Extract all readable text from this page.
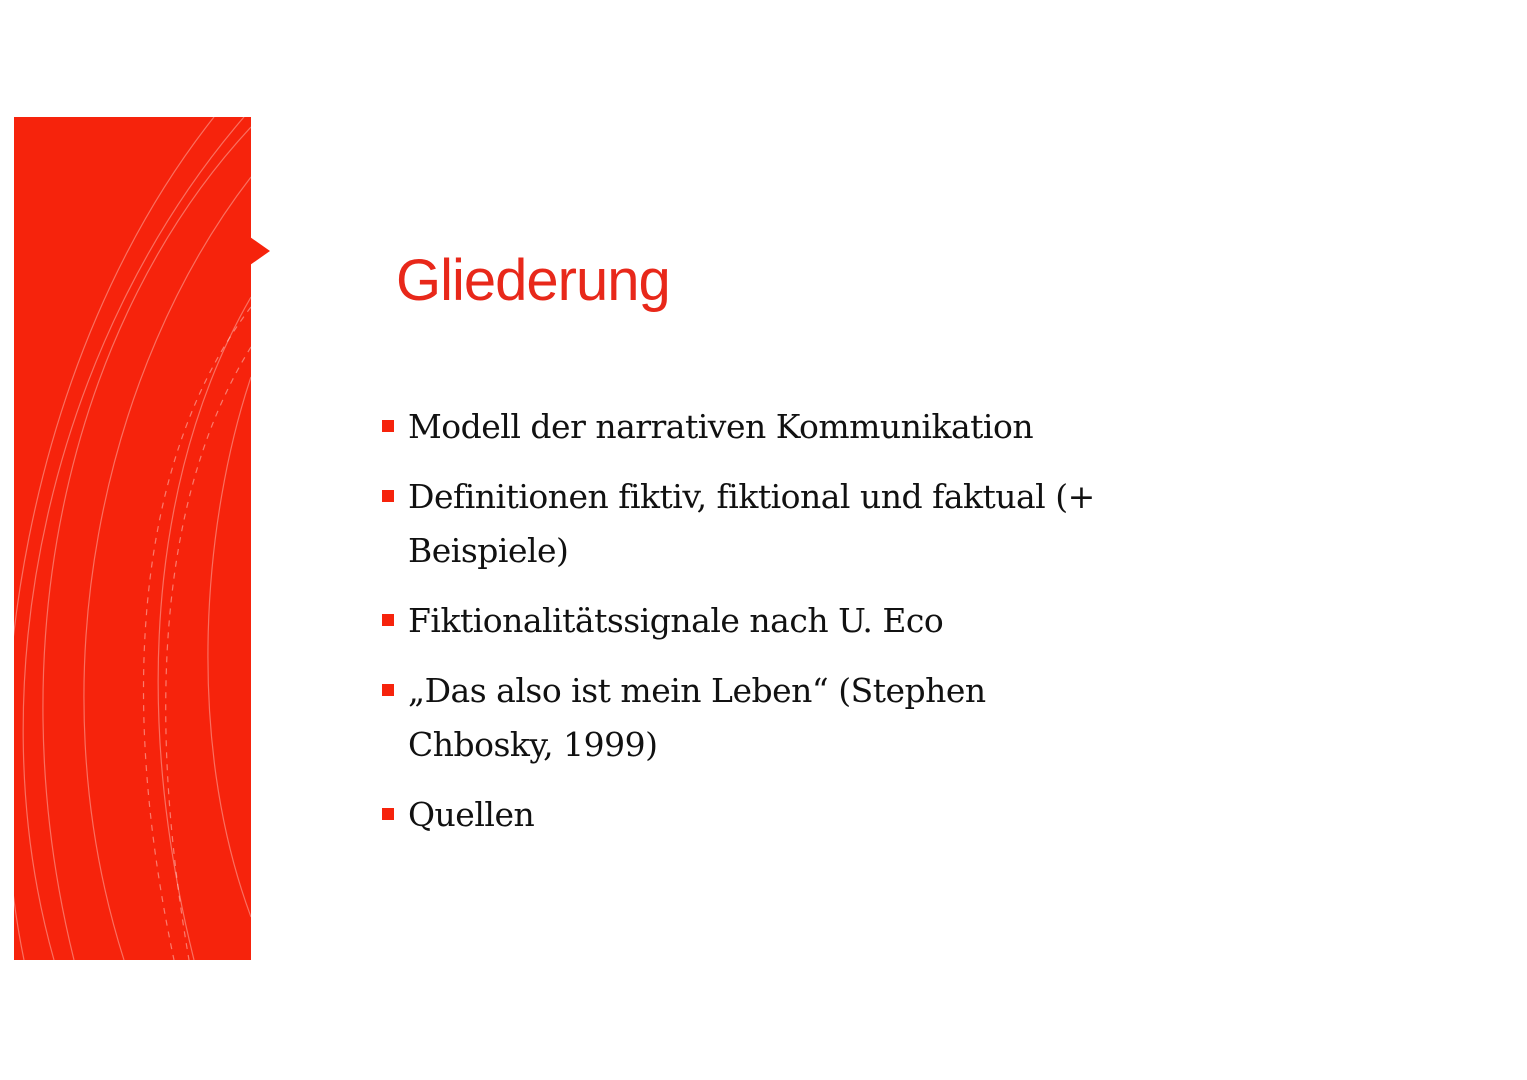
Gliederung
Modell der narrativen Kommunikation
Definitionen fiktiv, fiktional und faktual (+ Beispiele)
Fiktionalitätssignale nach U. Eco
„Das also ist mein Leben“ (Stephen Chbosky, 1999)
Quellen
